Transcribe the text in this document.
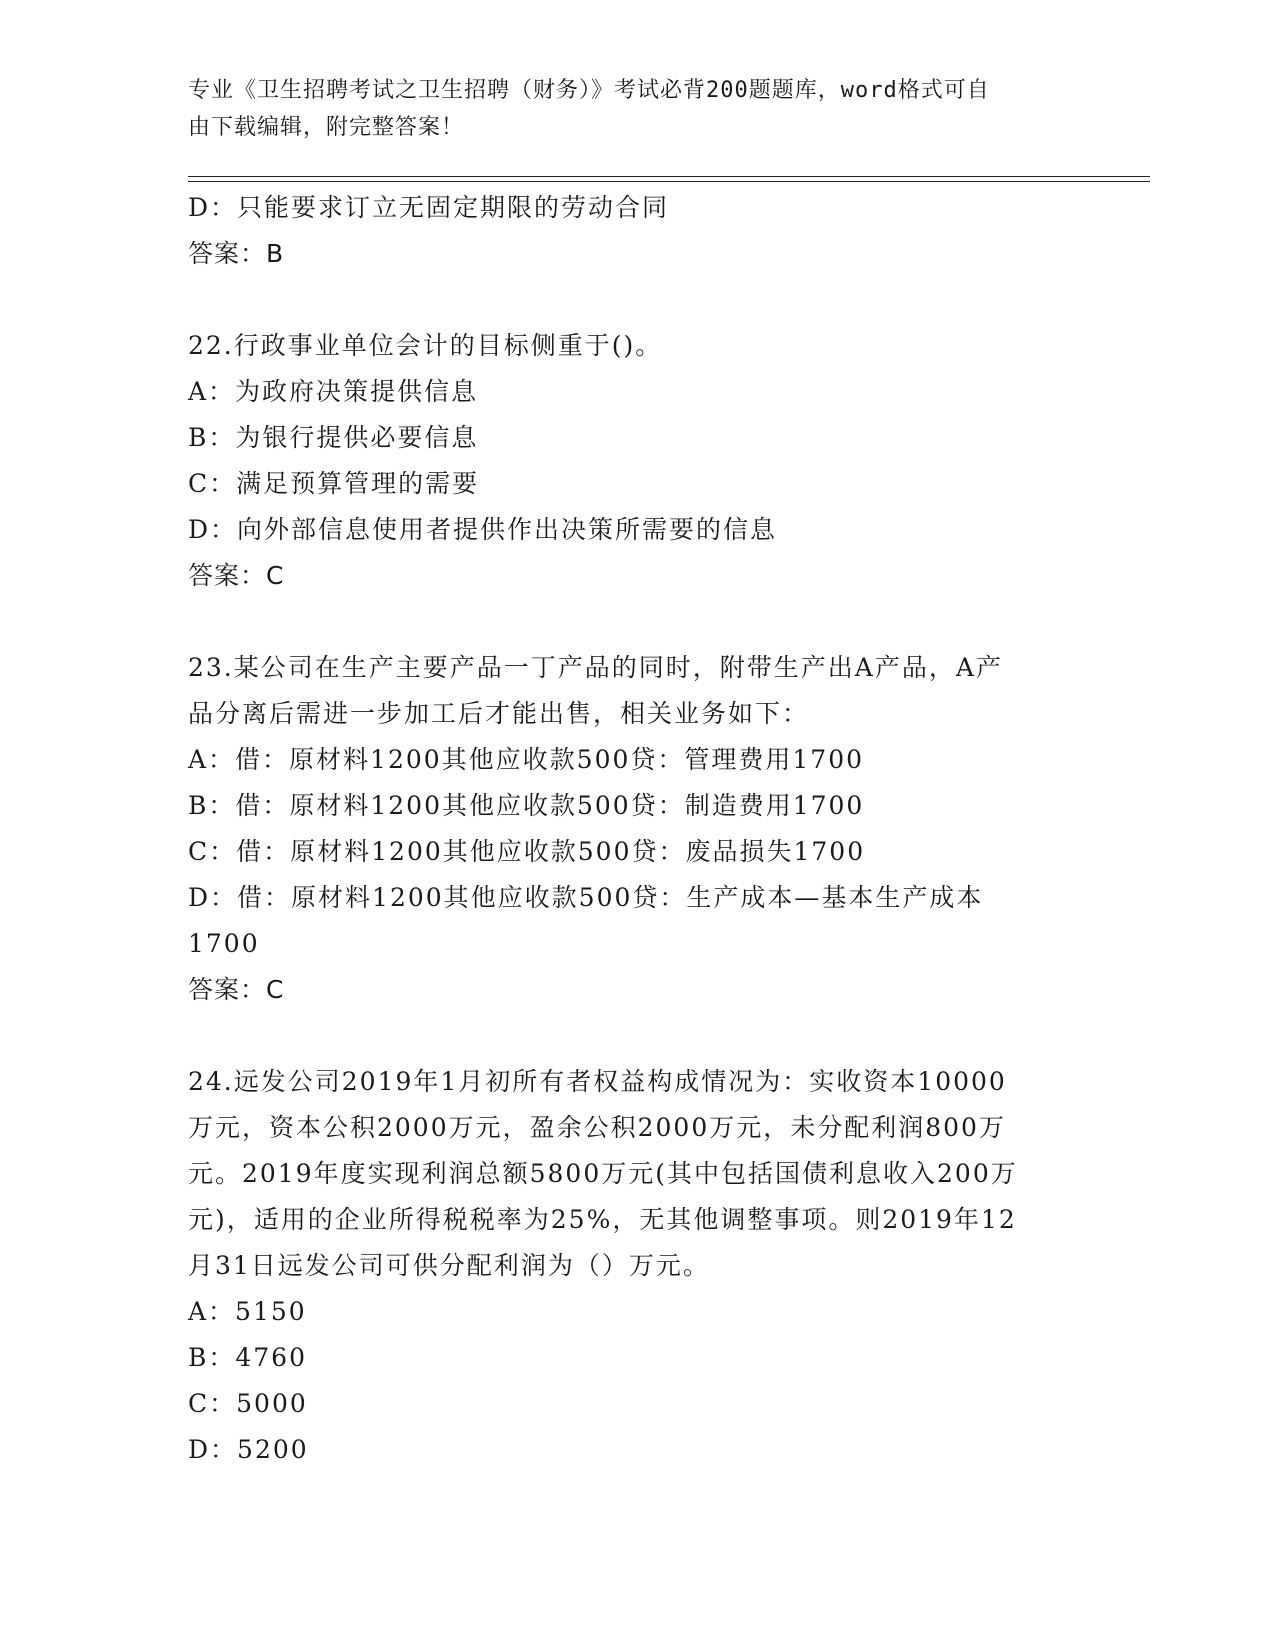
专业《卫生招聘考试之卫生招聘（财务）》考试必背200题题库，word格式可自
由下载编辑，附完整答案！
D：只能要求订立无固定期限的劳动合同
答案：B
22.行政事业单位会计的目标侧重于()。
A：为政府决策提供信息
B：为银行提供必要信息
C：满足预算管理的需要
D：向外部信息使用者提供作出决策所需要的信息
答案：C
23.某公司在生产主要产品一丁产品的同时，附带生产出A产品，A产
品分离后需进一步加工后才能出售，相关业务如下：
A：借：原材料1200其他应收款500贷：管理费用1700
B：借：原材料1200其他应收款500贷：制造费用1700
C：借：原材料1200其他应收款500贷：废品损失1700
D：借：原材料1200其他应收款500贷：生产成本—基本生产成本
1700
答案：C
24.远发公司2019年1月初所有者权益构成情况为：实收资本10000
万元，资本公积2000万元，盈余公积2000万元，未分配利润800万
元。2019年度实现利润总额5800万元(其中包括国债利息收入200万
元)，适用的企业所得税税率为25%，无其他调整事项。则2019年12
月31日远发公司可供分配利润为（）万元。
A：5150
B：4760
C：5000
D：5200
